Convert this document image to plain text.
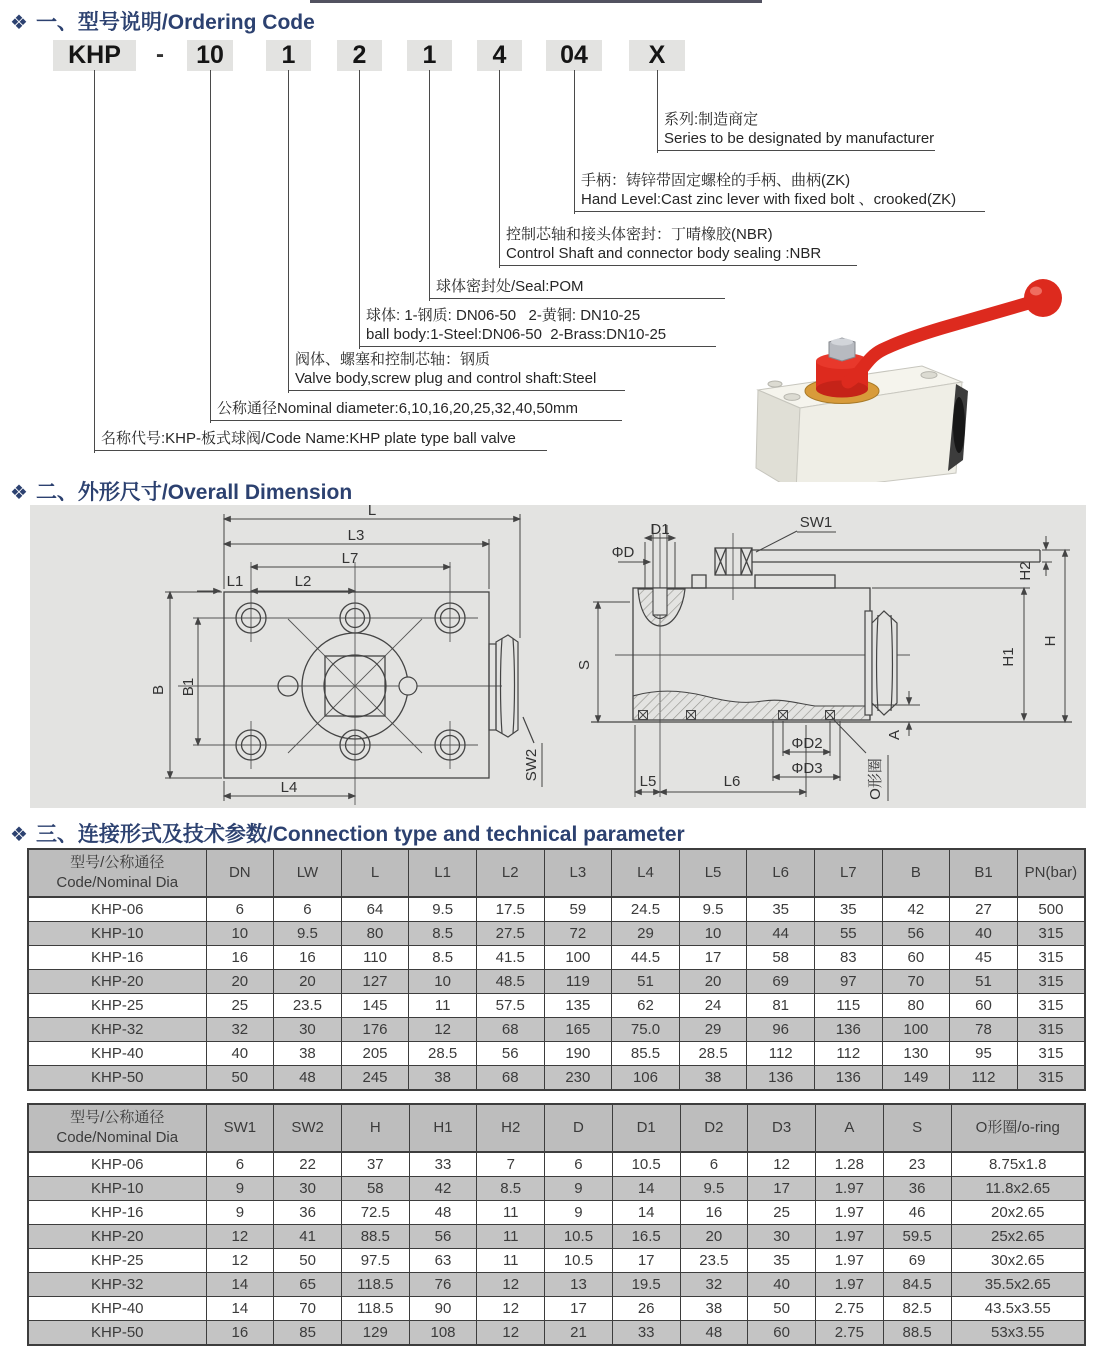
❖ 一、型号说明/Ordering Code
KHP	-	10	1	2	1	4	04	X
系列:制造商定
Series to be designated by manufacturer
手柄：铸锌带固定螺栓的手柄、曲柄(ZK)
Hand Level:Cast zinc lever with fixed bolt 、crooked(ZK)
控制芯轴和接头体密封：丁晴橡胶(NBR)
Control Shaft and connector body sealing :NBR
球体密封处/Seal:POM
球体: 1-钢质: DN06-50   2-黄铜: DN10-25
ball body:1-Steel:DN06-50  2-Brass:DN10-25
阀体、螺塞和控制芯轴：钢质
Valve body,screw plug and control shaft:Steel
公称通径Nominal diameter:6,10,16,20,25,32,40,50mm
名称代号:KHP-板式球阀/Code Name:KHP plate type ball valve
❖ 二、外形尺寸/Overall Dimension
L
L3
L7
L1	L2
B B1
L4
SW2
D1
ΦD
SW1
H2
S	H1
H
ΦD2
ΦD3
A
L5	L6	O形圈
❖ 三、连接形式及技术参数/Connection type and technical parameter
型号/公称通径
Code/Nominal Dia	DN	LW	L	L1	L2	L3	L4	L5	L6	L7	B	B1	PN(bar)
KHP-06	6	6	64	9.5	17.5	59	24.5	9.5	35	35	42	27	500
KHP-10	10	9.5	80	8.5	27.5	72	29	10	44	55	56	40	315
KHP-16	16	16	110	8.5	41.5	100	44.5	17	58	83	60	45	315
KHP-20	20	20	127	10	48.5	119	51	20	69	97	70	51	315
KHP-25	25	23.5	145	11	57.5	135	62	24	81	115	80	60	315
KHP-32	32	30	176	12	68	165	75.0	29	96	136	100	78	315
KHP-40	40	38	205	28.5	56	190	85.5	28.5	112	112	130	95	315
KHP-50	50	48	245	38	68	230	106	38	136	136	149	112	315
型号/公称通径
Code/Nominal Dia	SW1	SW2	H	H1	H2	D	D1	D2	D3	A	S	O形圈/o-ring
KHP-06	6	22	37	33	7	6	10.5	6	12	1.28	23	8.75x1.8
KHP-10	9	30	58	42	8.5	9	14	9.5	17	1.97	36	11.8x2.65
KHP-16	9	36	72.5	48	11	9	14	16	25	1.97	46	20x2.65
KHP-20	12	41	88.5	56	11	10.5	16.5	20	30	1.97	59.5	25x2.65
KHP-25	12	50	97.5	63	11	10.5	17	23.5	35	1.97	69	30x2.65
KHP-32	14	65	118.5	76	12	13	19.5	32	40	1.97	84.5	35.5x2.65
KHP-40	14	70	118.5	90	12	17	26	38	50	2.75	82.5	43.5x3.55
KHP-50	16	85	129	108	12	21	33	48	60	2.75	88.5	53x3.55
